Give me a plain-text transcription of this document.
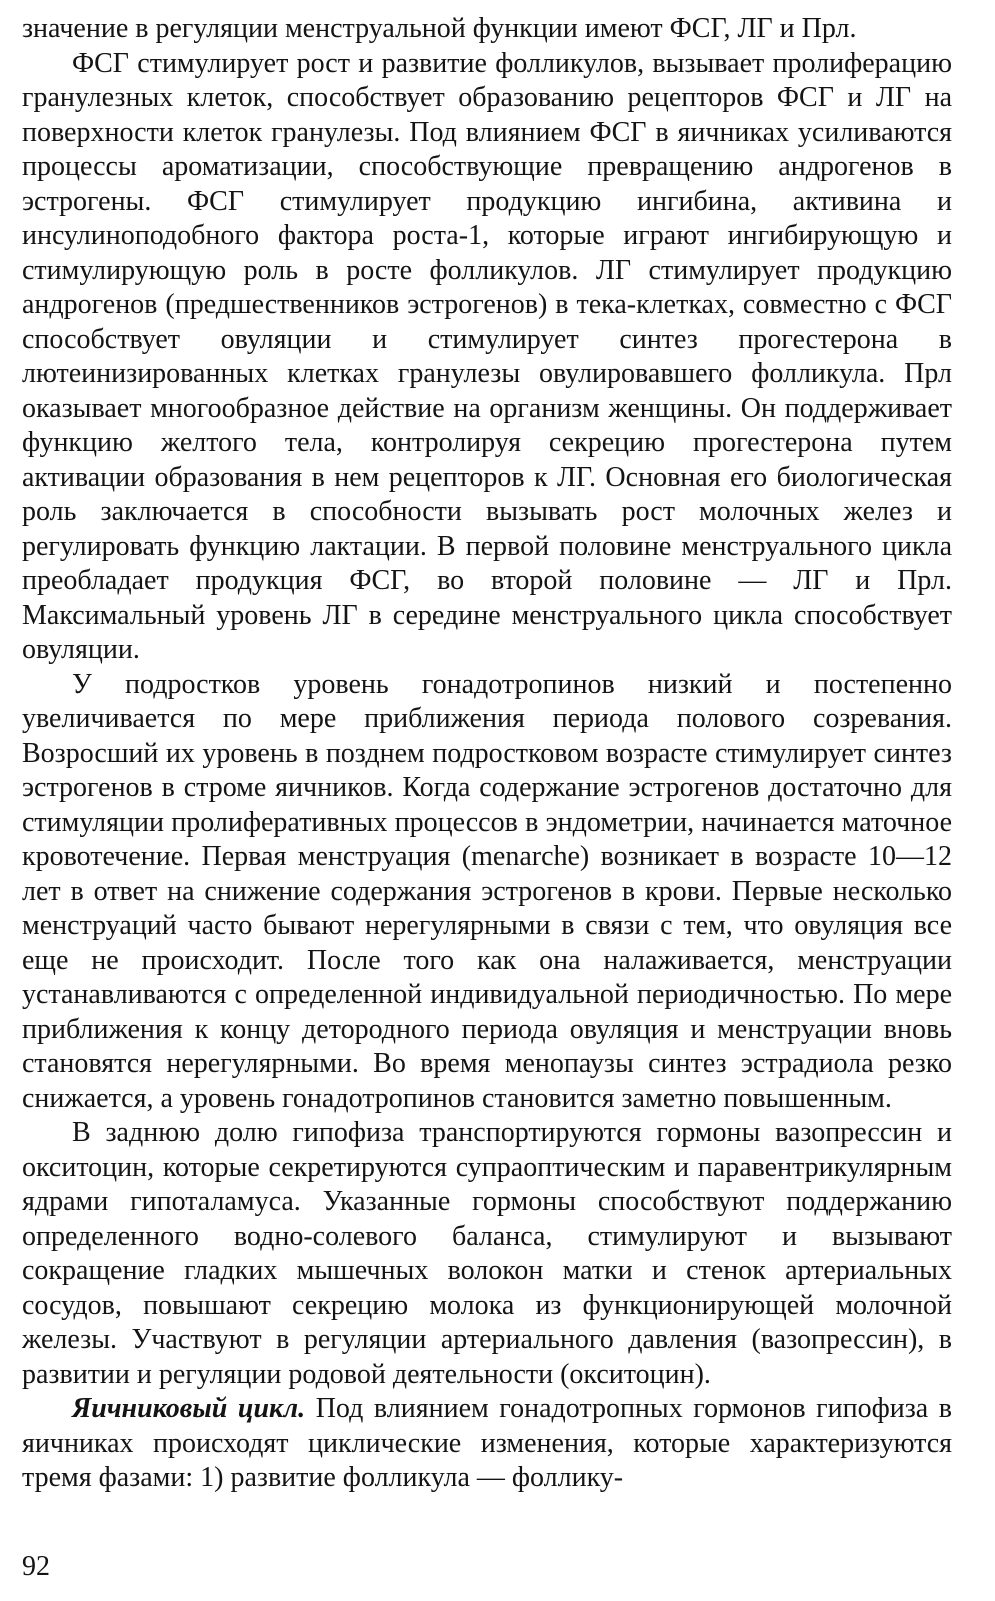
значение в регуляции менструальной функции имеют ФСГ, ЛГ и Прл.

ФСГ стимулирует рост и развитие фолликулов, вызывает пролиферацию гранулезных клеток, способствует образованию рецепторов ФСГ и ЛГ на поверхности клеток гранулезы. Под влиянием ФСГ в яичниках усиливаются процессы ароматизации, способствующие превращению андрогенов в эстрогены. ФСГ стимулирует продукцию ингибина, активина и инсулиноподобного фактора роста-1, которые играют ингибирующую и стимулирующую роль в росте фолликулов. ЛГ стимулирует продукцию андрогенов (предшественников эстрогенов) в тека-клетках, совместно с ФСГ способствует овуляции и стимулирует синтез прогестерона в лютеинизированных клетках гранулезы овулировавшего фолликула. Прл оказывает многообразное действие на организм женщины. Он поддерживает функцию желтого тела, контролируя секрецию прогестерона путем активации образования в нем рецепторов к ЛГ. Основная его биологическая роль заключается в способности вызывать рост молочных желез и регулировать функцию лактации. В первой половине менструального цикла преобладает продукция ФСГ, во второй половине — ЛГ и Прл. Максимальный уровень ЛГ в середине менструального цикла способствует овуляции.

У подростков уровень гонадотропинов низкий и постепенно увеличивается по мере приближения периода полового созревания. Возросший их уровень в позднем подростковом возрасте стимулирует синтез эстрогенов в строме яичников. Когда содержание эстрогенов достаточно для стимуляции пролиферативных процессов в эндометрии, начинается маточное кровотечение. Первая менструация (menarche) возникает в возрасте 10—12 лет в ответ на снижение содержания эстрогенов в крови. Первые несколько менструаций часто бывают нерегулярными в связи с тем, что овуляция все еще не происходит. После того как она налаживается, менструации устанавливаются с определенной индивидуальной периодичностью. По мере приближения к концу детородного периода овуляция и менструации вновь становятся нерегулярными. Во время менопаузы синтез эстрадиола резко снижается, а уровень гонадотропинов становится заметно повышенным.

В заднюю долю гипофиза транспортируются гормоны вазопрессин и окситоцин, которые секретируются супраоптическим и паравентрикулярным ядрами гипоталамуса. Указанные гормоны способствуют поддержанию определенного водно-солевого баланса, стимулируют и вызывают сокращение гладких мышечных волокон матки и стенок артериальных сосудов, повышают секрецию молока из функционирующей молочной железы. Участвуют в регуляции артериального давления (вазопрессин), в развитии и регуляции родовой деятельности (окситоцин).

Яичниковый цикл. Под влиянием гонадотропных гормонов гипофиза в яичниках происходят циклические изменения, которые характеризуются тремя фазами: 1) развитие фолликула — фоллику-

92
